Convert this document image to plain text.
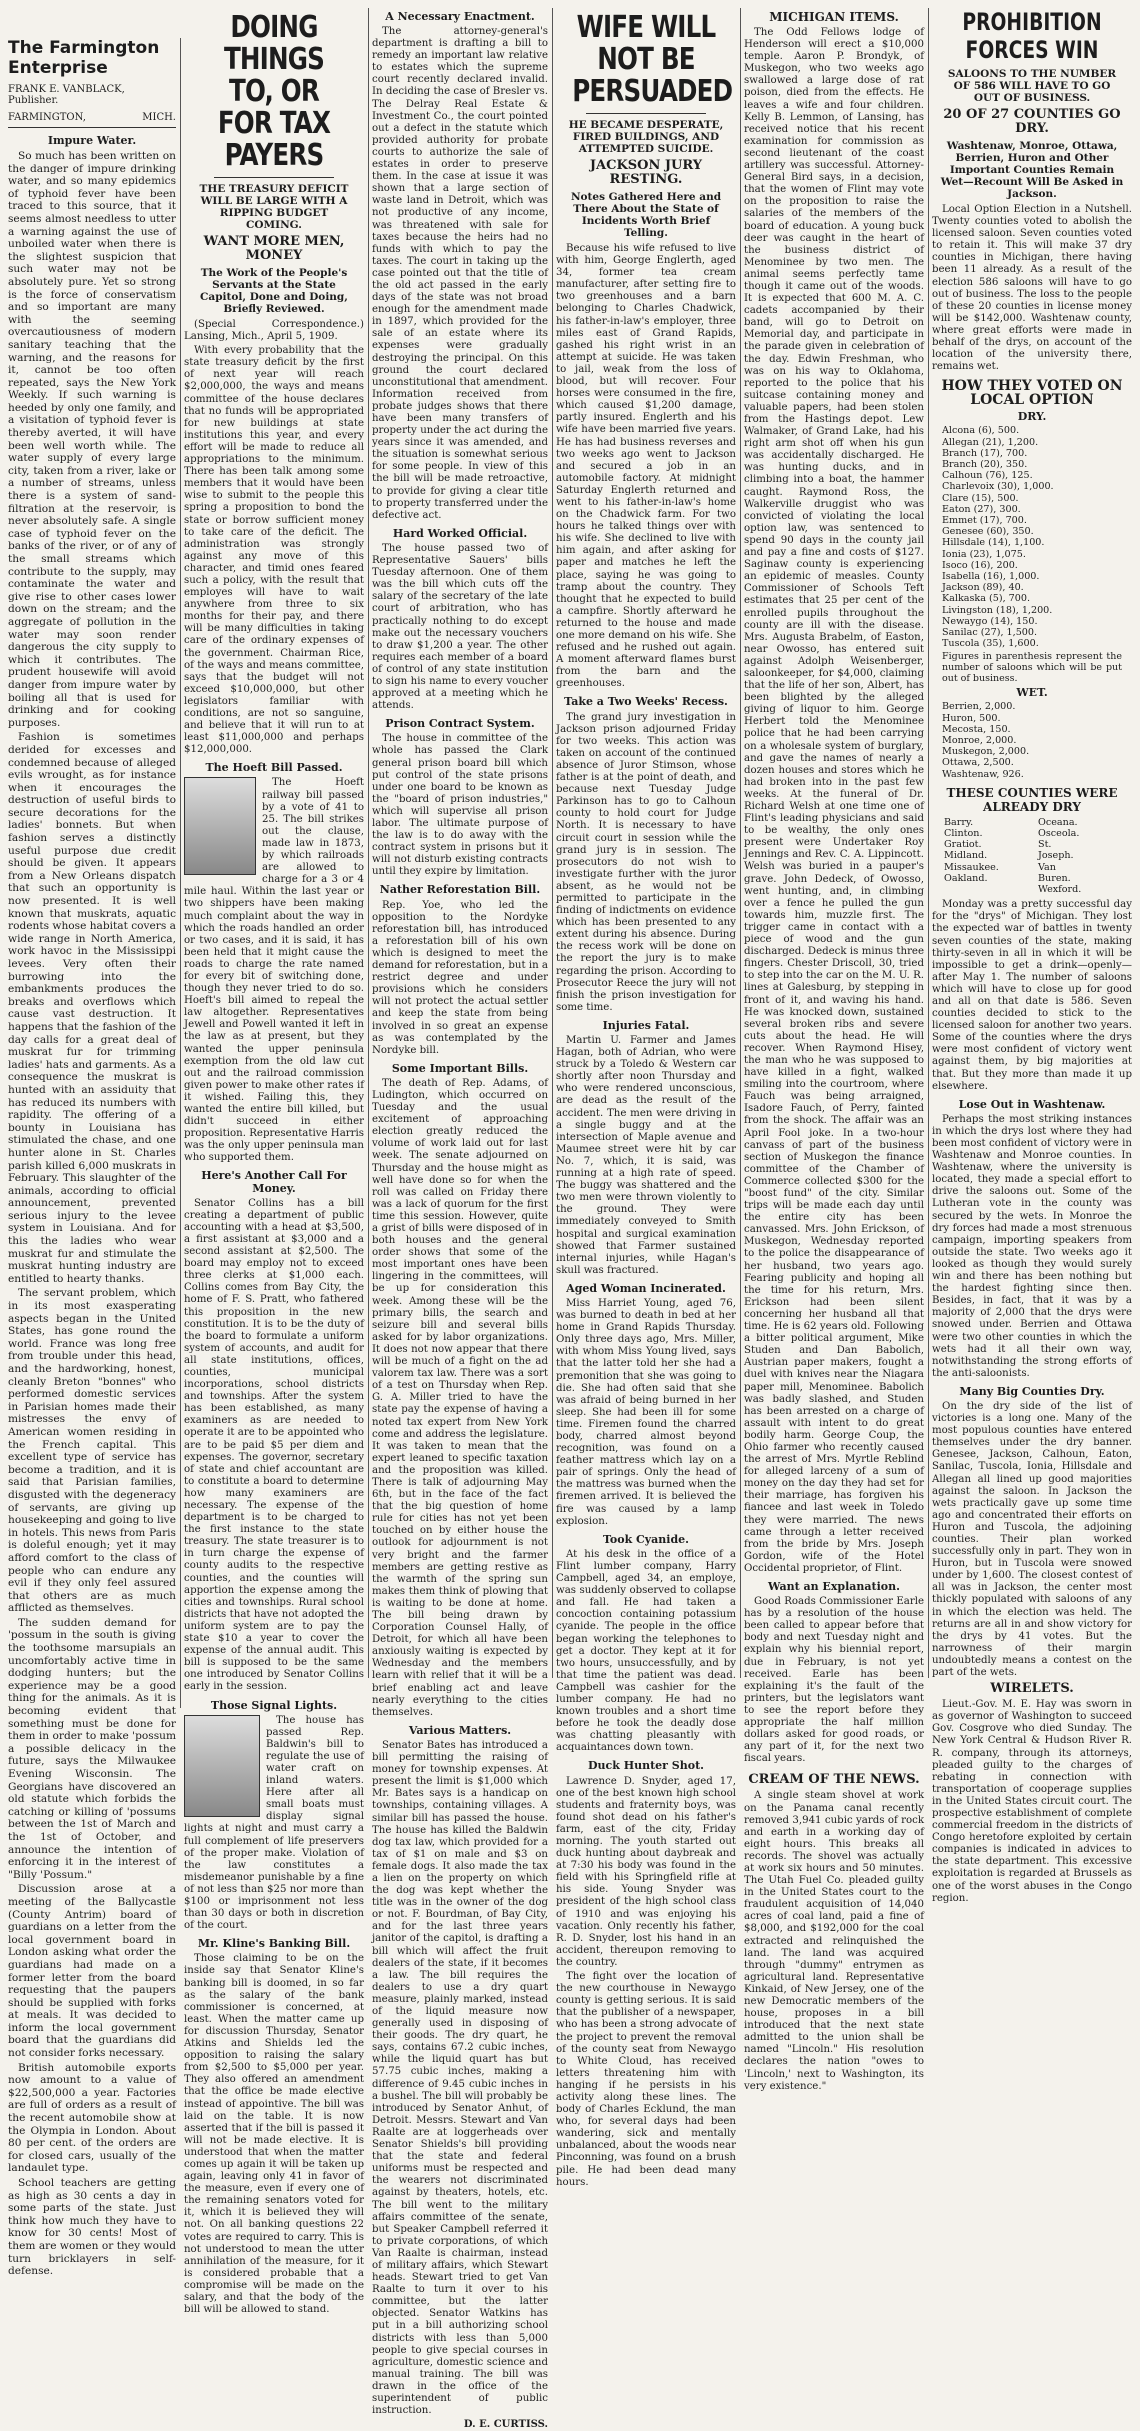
The Farmington Enterprise
FRANK E. VANBLACK, Publisher.
FARMINGTON,	MICH.
Impure Water.

So much has been written on the danger of impure drinking water, and so many epidemics of typhoid fever have been traced to this source, that it seems almost needless to utter a warning against the use of unboiled water when there is the slightest suspicion that such water may not be absolutely pure. Yet so strong is the force of conservatism and so important are many with the seeming overcautiousness of modern sanitary teaching that the warning, and the reasons for it, cannot be too often repeated, says the New York Weekly. If such warning is heeded by only one family, and a visitation of typhoid fever is thereby averted, it will have been well worth while. The water supply of every large city, taken from a river, lake or a number of streams, unless there is a system of sand-filtration at the reservoir, is never absolutely safe. A single case of typhoid fever on the banks of the river, or of any of the small streams which contribute to the supply, may contaminate the water and give rise to other cases lower down on the stream; and the aggregate of pollution in the water may soon render dangerous the city supply to which it contributes. The prudent housewife will avoid danger from impure water by boiling all that is used for drinking and for cooking purposes.

Fashion is sometimes derided for excesses and condemned because of alleged evils wrought, as for instance when it encourages the destruction of useful birds to secure decorations for the ladies' bonnets. But when fashion serves a distinctly useful purpose due credit should be given. It appears from a New Orleans dispatch that such an opportunity is now presented. It is well known that muskrats, aquatic rodents whose habitat covers a wide range in North America, work havoc in the Mississippi levees. Very often their burrowing into the embankments produces the breaks and overflows which cause vast destruction. It happens that the fashion of the day calls for a great deal of muskrat fur for trimming ladies' hats and garments. As a consequence the muskrat is hunted with an assiduity that has reduced its numbers with rapidity. The offering of a bounty in Louisiana has stimulated the chase, and one hunter alone in St. Charles parish killed 6,000 muskrats in February. This slaughter of the animals, according to official announcement, prevented serious injury to the levee system in Louisiana. And for this the ladies who wear muskrat fur and stimulate the muskrat hunting industry are entitled to hearty thanks.

The servant problem, which in its most exasperating aspects began in the United States, has gone round the world. France was long free from trouble under this head, and the hardworking, honest, cleanly Breton "bonnes" who performed domestic services in Parisian homes made their mistresses the envy of American women residing in the French capital. This excellent type of service has become a tradition, and it is said that Parisian families, disgusted with the degeneracy of servants, are giving up housekeeping and going to live in hotels. This news from Paris is doleful enough; yet it may afford comfort to the class of people who can endure any evil if they only feel assured that others are as much afflicted as themselves.

The sudden demand for 'possum in the south is giving the toothsome marsupials an uncomfortably active time in dodging hunters; but the experience may be a good thing for the animals. As it is becoming evident that something must be done for them in order to make 'possum a possible delicacy in the future, says the Milwaukee Evening Wisconsin. The Georgians have discovered an old statute which forbids the catching or killing of 'possums between the 1st of March and the 1st of October, and announce the intention of enforcing it in the interest of "Billy 'Possum."

Discussion arose at a meeting of the Ballycastle (County Antrim) board of guardians on a letter from the local government board in London asking what order the guardians had made on a former letter from the board requesting that the paupers should be supplied with forks at meals. It was decided to inform the local government board that the guardians did not consider forks necessary.

British automobile exports now amount to a value of $22,500,000 a year. Factories are full of orders as a result of the recent automobile show at the Olympia in London. About 80 per cent. of the orders are for closed cars, usually of the landaulet type.

School teachers are getting as high as 30 cents a day in some parts of the state. Just think how much they have to know for 30 cents! Most of them are women or they would turn bricklayers in self-defense.

DOING THINGS TO, OR FOR TAX PAYERS
THE TREASURY DEFICIT WILL BE LARGE WITH A RIPPING BUDGET COMING.
WANT MORE MEN, MONEY
The Work of the People's Servants at the State Capitol, Done and Doing, Briefly Reviewed.

(Special Correspondence.) Lansing, Mich., April 5, 1909.

With every probability that the state treasury deficit by the first of next year will reach $2,000,000, the ways and means committee of the house declares that no funds will be appropriated for new buildings at state institutions this year, and every effort will be made to reduce all appropriations to the minimum. There has been talk among some members that it would have been wise to submit to the people this spring a proposition to bond the state or borrow sufficient money to take care of the deficit. The administration was strongly against any move of this character, and timid ones feared such a policy, with the result that employes will have to wait anywhere from three to six months for their pay, and there will be many difficulties in taking care of the ordinary expenses of the government. Chairman Rice, of the ways and means committee, says that the budget will not exceed $10,000,000, but other legislators familiar with conditions, are not so sanguine, and believe that it will run to at least $11,000,000 and perhaps $12,000,000.

The Hoeft Bill Passed.

The Hoeft railway bill passed by a vote of 41 to 25. The bill strikes out the clause, made law in 1873, by which railroads are allowed to charge for a 3 or 4 mile haul. Within the last year or two shippers have been making much complaint about the way in which the roads handled an order or two cases, and it is said, it has been held that it might cause the roads to charge the rate named for every bit of switching done, though they never tried to do so. Hoeft's bill aimed to repeal the law altogether. Representatives Jewell and Powell wanted it left in the law as at present, but they wanted the upper peninsula exemption from the old law cut out and the railroad commission given power to make other rates if it wished. Failing this, they wanted the entire bill killed, but didn't succeed in either proposition. Representative Harris was the only upper peninsula man who supported them.

Here's Another Call For Money.

Senator Collins has a bill creating a department of public accounting with a head at $3,500, a first assistant at $3,000 and a second assistant at $2,500. The board may employ not to exceed three clerks at $1,000 each. Collins comes from Bay City, the home of F. S. Pratt, who fathered this proposition in the new constitution. It is to be the duty of the board to formulate a uniform system of accounts, and audit for all state institutions, offices, counties, municipal incorporations, school districts and townships. After the system has been established, as many examiners as are needed to operate it are to be appointed who are to be paid $5 per diem and expenses. The governor, secretary of state and chief accountant are to constitute a board to determine how many examiners are necessary. The expense of the department is to be charged to the first instance to the state treasury. The state treasurer is to in turn charge the expense of county audits to the respective counties, and the counties will apportion the expense among the cities and townships. Rural school districts that have not adopted the uniform system are to pay the state $10 a year to cover the expense of the annual audit. This bill is supposed to be the same one introduced by Senator Collins early in the session.

Those Signal Lights.

The house has passed Rep. Baldwin's bill to regulate the use of water craft on inland waters. Here after all small boats must display signal lights at night and must carry a full complement of life preservers of the proper make. Violation of the law constitutes a misdemeanor punishable by a fine of not less than $25 nor more than $100 or imprisonment not less than 30 days or both in discretion of the court.

Mr. Kline's Banking Bill.

Those claiming to be on the inside say that Senator Kline's banking bill is doomed, in so far as the salary of the bank commissioner is concerned, at least. When the matter came up for discussion Thursday, Senator Atkins and Shields led the opposition to raising the salary from $2,500 to $5,000 per year. They also offered an amendment that the office be made elective instead of appointive. The bill was laid on the table. It is now asserted that if the bill is passed it will not be made elective. It is understood that when the matter comes up again it will be taken up again, leaving only 41 in favor of the measure, even if every one of the remaining senators voted for it, which it is believed they will not. On all banking questions 22 votes are required to carry. This is not understood to mean the utter annihilation of the measure, for it is considered probable that a compromise will be made on the salary, and that the body of the bill will be allowed to stand.

A Necessary Enactment.

The attorney-general's department is drafting a bill to remedy an important law relative to estates which the supreme court recently declared invalid. In deciding the case of Bresler vs. The Delray Real Estate & Investment Co., the court pointed out a defect in the statute which provided authority for probate courts to authorize the sale of estates in order to preserve them. In the case at issue it was shown that a large section of waste land in Detroit, which was not productive of any income, was threatened with sale for taxes because the heirs had no funds with which to pay the taxes. The court in taking up the case pointed out that the title of the old act passed in the early days of the state was not broad enough for the amendment made in 1897, which provided for the sale of an estate where its expenses were gradually destroying the principal. On this ground the court declared unconstitutional that amendment. Information received from probate judges shows that there have been many transfers of property under the act during the years since it was amended, and the situation is somewhat serious for some people. In view of this the bill will be made retroactive, to provide for giving a clear title to property transferred under the defective act.

Hard Worked Official.

The house passed two of Representative Sauers' bills Tuesday afternoon. One of them was the bill which cuts off the salary of the secretary of the late court of arbitration, who has practically nothing to do except make out the necessary vouchers to draw $1,200 a year. The other requires each member of a board of control of any state institution to sign his name to every voucher approved at a meeting which he attends.

Prison Contract System.

The house in committee of the whole has passed the Clark general prison board bill which put control of the state prisons under one board to be known as the "board of prison industries," which will supervise all prison labor. The ultimate purpose of the law is to do away with the contract system in prisons but it will not disturb existing contracts until they expire by limitation.

Nather Reforestation Bill.

Rep. Yoe, who led the opposition to the Nordyke reforestation bill, has introduced a reforestation bill of his own which is designed to meet the demand for reforestation, but in a restrict degree and under provisions which he considers will not protect the actual settler and keep the state from being involved in so great an expense as was contemplated by the Nordyke bill.

Some Important Bills.

The death of Rep. Adams, of Ludington, which occurred on Tuesday and the usual excitement of approaching election greatly reduced the volume of work laid out for last week. The senate adjourned on Thursday and the house might as well have done so for when the roll was called on Friday there was a lack of quorum for the first time this session. However, quite a grist of bills were disposed of in both houses and the general order shows that some of the most important ones have been lingering in the committees, will be up for consideration this week. Among these will be the primary bills, the search and seizure bill and several bills asked for by labor organizations. It does not now appear that there will be much of a fight on the ad valorem tax law. There was a sort of a test on Thursday when Rep. G. A. Miller tried to have the state pay the expense of having a noted tax expert from New York come and address the legislature. It was taken to mean that the expert leaned to specific taxation and the proposition was killed. There is talk of adjourning May 6th, but in the face of the fact that the big question of home rule for cities has not yet been touched on by either house the outlook for adjournment is not very bright and the farmer members are getting restive as the warmth of the spring sun makes them think of plowing that is waiting to be done at home. The bill being drawn by Corporation Counsel Hally, of Detroit, for which all have been anxiously waiting is expected by Wednesday and the members learn with relief that it will be a brief enabling act and leave nearly everything to the cities themselves.

Various Matters.

Senator Bates has introduced a bill permitting the raising of money for township expenses. At present the limit is $1,000 which Mr. Bates says is a handicap on townships, containing villages. A similar bill has passed the house. The house has killed the Baldwin dog tax law, which provided for a tax of $1 on male and $3 on female dogs. It also made the tax a lien on the property on which the dog was kept whether the title was in the owner of the dog or not. F. Bourdman, of Bay City, and for the last three years janitor of the capitol, is drafting a bill which will affect the fruit dealers of the state, if it becomes a law. The bill requires the dealers to use a dry quart measure, plainly marked, instead of the liquid measure now generally used in disposing of their goods. The dry quart, he says, contains 67.2 cubic inches, while the liquid quart has but 57.75 cubic inches, making a difference of 9.45 cubic inches in a bushel. The bill will probably be introduced by Senator Anhut, of Detroit. Messrs. Stewart and Van Raalte are at loggerheads over Senator Shields's bill providing that the state and federal uniforms must be respected and the wearers not discriminated against by theaters, hotels, etc. The bill went to the military affairs committee of the senate, but Speaker Campbell referred it to private corporations, of which Van Raalte is chairman, instead of military affairs, which Stewart heads. Stewart tried to get Van Raalte to turn it over to his committee, but the latter objected. Senator Watkins has put in a bill authorizing school districts with less than 5,000 people to give special courses in agriculture, domestic science and manual training. The bill was drawn in the office of the superintendent of public instruction.

D. E. CURTISS.
WIFE WILL NOT BE PERSUADED
HE BECAME DESPERATE, FIRED BUILDINGS, AND ATTEMPTED SUICIDE.
JACKSON JURY RESTING.
Notes Gathered Here and There About the State of Incidents Worth Brief Telling.

Because his wife refused to live with him, George Englerth, aged 34, former tea cream manufacturer, after setting fire to two greenhouses and a barn belonging to Charles Chadwick, his father-in-law's employer, three miles east of Grand Rapids, gashed his right wrist in an attempt at suicide. He was taken to jail, weak from the loss of blood, but will recover. Four horses were consumed in the fire, which caused $1,200 damage, partly insured. Englerth and his wife have been married five years. He has had business reverses and two weeks ago went to Jackson and secured a job in an automobile factory. At midnight Saturday Englerth returned and went to his father-in-law's home on the Chadwick farm. For two hours he talked things over with his wife. She declined to live with him again, and after asking for paper and matches he left the place, saying he was going to tramp about the country. They thought that he expected to build a campfire. Shortly afterward he returned to the house and made one more demand on his wife. She refused and he rushed out again. A moment afterward flames burst from the barn and the greenhouses.

Take a Two Weeks' Recess.

The grand jury investigation in Jackson prison adjourned Friday for two weeks. This action was taken on account of the continued absence of Juror Stimson, whose father is at the point of death, and because next Tuesday Judge Parkinson has to go to Calhoun county to hold court for Judge North. It is necessary to have circuit court in session while the grand jury is in session. The prosecutors do not wish to investigate further with the juror absent, as he would not be permitted to participate in the finding of indictments on evidence which has been presented to any extent during his absence. During the recess work will be done on the report the jury is to make regarding the prison. According to Prosecutor Reece the jury will not finish the prison investigation for some time.

Injuries Fatal.

Martin U. Farmer and James Hagan, both of Adrian, who were struck by a Toledo & Western car shortly after noon Thursday and who were rendered unconscious, are dead as the result of the accident. The men were driving in a single buggy and at the intersection of Maple avenue and Maumee street were hit by car No. 7, which, it is said, was running at a high rate of speed. The buggy was shattered and the two men were thrown violently to the ground. They were immediately conveyed to Smith hospital and surgical examination showed that Farmer sustained internal injuries, while Hagan's skull was fractured.

Aged Woman Incinerated.

Miss Harriet Young, aged 76, was burned to death in bed at her home in Grand Rapids Thursday. Only three days ago, Mrs. Miller, with whom Miss Young lived, says that the latter told her she had a premonition that she was going to die. She had often said that she was afraid of being burned in her sleep. She had been ill for some time. Firemen found the charred body, charred almost beyond recognition, was found on a feather mattress which lay on a pair of springs. Only the head of the mattress was burned when the firemen arrived. It is believed the fire was caused by a lamp explosion.

Took Cyanide.

At his desk in the office of a Flint lumber company, Harry Campbell, aged 34, an employe, was suddenly observed to collapse and fall. He had taken a concoction containing potassium cyanide. The people in the office began working the telephones to get a doctor. They kept at it for two hours, unsuccessfully, and by that time the patient was dead. Campbell was cashier for the lumber company. He had no known troubles and a short time before he took the deadly dose was chatting pleasantly with acquaintances down town.

Duck Hunter Shot.

Lawrence D. Snyder, aged 17, one of the best known high school students and fraternity boys, was found shot dead on his father's farm, east of the city, Friday morning. The youth started out duck hunting about daybreak and at 7:30 his body was found in the field with his Springfield rifle at his side. Young Snyder was president of the high school class of 1910 and was enjoying his vacation. Only recently his father, R. D. Snyder, lost his hand in an accident, thereupon removing to the country.

The fight over the location of the new courthouse in Newaygo county is getting serious. It is said that the publisher of a newspaper, who has been a strong advocate of the project to prevent the removal of the county seat from Newaygo to White Cloud, has received letters threatening him with hanging if he persists in his activity along these lines. The body of Charles Ecklund, the man who, for several days had been wandering, sick and mentally unbalanced, about the woods near Pinconning, was found on a brush pile. He had been dead many hours.

MICHIGAN ITEMS.

The Odd Fellows lodge of Henderson will erect a $10,000 temple. Aaron P. Brondyk, of Muskegon, who two weeks ago swallowed a large dose of rat poison, died from the effects. He leaves a wife and four children. Kelly B. Lemmon, of Lansing, has received notice that his recent examination for commission as second lieutenant of the coast artillery was successful. Attorney-General Bird says, in a decision, that the women of Flint may vote on the proposition to raise the salaries of the members of the board of education. A young buck deer was caught in the heart of the business district of Menominee by two men. The animal seems perfectly tame though it came out of the woods. It is expected that 600 M. A. C. cadets accompanied by their band, will go to Detroit on Memorial day, and participate in the parade given in celebration of the day. Edwin Freshman, who was on his way to Oklahoma, reported to the police that his suitcase containing money and valuable papers, had been stolen from the Hastings depot. Lew Walmaker, of Grand Lake, had his right arm shot off when his gun was accidentally discharged. He was hunting ducks, and in climbing into a boat, the hammer caught. Raymond Ross, the Walkerville druggist who was convicted of violating the local option law, was sentenced to spend 90 days in the county jail and pay a fine and costs of $127. Saginaw county is experiencing an epidemic of measles. County Commissioner of Schools Teft estimates that 25 per cent of the enrolled pupils throughout the county are ill with the disease. Mrs. Augusta Brabelm, of Easton, near Owosso, has entered suit against Adolph Weisenberger, saloonkeeper, for $4,000, claiming that the life of her son, Albert, has been blighted by the alleged giving of liquor to him. George Herbert told the Menominee police that he had been carrying on a wholesale system of burglary, and gave the names of nearly a dozen houses and stores which he had broken into in the past few weeks. At the funeral of Dr. Richard Welsh at one time one of Flint's leading physicians and said to be wealthy, the only ones present were Undertaker Roy Jennings and Rev. C. A. Lippincott. Welsh was buried in a pauper's grave. John Dedeck, of Owosso, went hunting, and, in climbing over a fence he pulled the gun towards him, muzzle first. The trigger came in contact with a piece of wood and the gun discharged. Dedeck is minus three fingers. Chester Driscoll, 30, tried to step into the car on the M. U. R. lines at Galesburg, by stepping in front of it, and waving his hand. He was knocked down, sustained several broken ribs and severe cuts about the head. He will recover. When Raymond Hisey, the man who he was supposed to have killed in a fight, walked smiling into the courtroom, where Fauch was being arraigned, Isadore Fauch, of Perry, fainted from the shock. The affair was an April Fool joke. In a two-hour canvass of part of the business section of Muskegon the finance committee of the Chamber of Commerce collected $300 for the "boost fund" of the city. Similar trips will be made each day until the entire city has been canvassed. Mrs. John Erickson, of Muskegon, Wednesday reported to the police the disappearance of her husband, two years ago. Fearing publicity and hoping all the time for his return, Mrs. Erickson had been silent concerning her husband all that time. He is 62 years old. Following a bitter political argument, Mike Studen and Dan Babolich, Austrian paper makers, fought a duel with knives near the Niagara paper mill, Menominee. Babolich was badly slashed, and Studen has been arrested on a charge of assault with intent to do great bodily harm. George Coup, the Ohio farmer who recently caused the arrest of Mrs. Myrtle Reblind for alleged larceny of a sum of money on the day they had set for their marriage, has forgiven his fiancee and last week in Toledo they were married. The news came through a letter received from the bride by Mrs. Joseph Gordon, wife of the Hotel Occidental proprietor, of Flint.

Want an Explanation.

Good Roads Commissioner Earle has by a resolution of the house been called to appear before that body and next Tuesday night and explain why his biennial report, due in February, is not yet received. Earle has been explaining it's the fault of the printers, but the legislators want to see the report before they appropriate the half million dollars asked for good roads, or any part of it, for the next two fiscal years.

CREAM OF THE NEWS.

A single steam shovel at work on the Panama canal recently removed 3,941 cubic yards of rock and earth in a working day of eight hours. This breaks all records. The shovel was actually at work six hours and 50 minutes. The Utah Fuel Co. pleaded guilty in the United States court to the fraudulent acquisition of 14,040 acres of coal land, paid a fine of $8,000, and $192,000 for the coal extracted and relinquished the land. The land was acquired through "dummy" entrymen as agricultural land. Representative Kinkaid, of New Jersey, one of the new Democratic members of the house, proposes in a bill introduced that the next state admitted to the union shall be named "Lincoln." His resolution declares the nation "owes to 'Lincoln,' next to Washington, its very existence."

PROHIBITION FORCES WIN
SALOONS TO THE NUMBER OF 586 WILL HAVE TO GO OUT OF BUSINESS.
20 OF 27 COUNTIES GO DRY.
Washtenaw, Monroe, Ottawa, Berrien, Huron and Other Important Counties Remain Wet—Recount Will Be Asked in Jackson.

Local Option Election in a Nutshell. Twenty counties voted to abolish the licensed saloon. Seven counties voted to retain it. This will make 37 dry counties in Michigan, there having been 11 already. As a result of the election 586 saloons will have to go out of business. The loss to the people of these 20 counties in license money will be $142,000. Washtenaw county, where great efforts were made in behalf of the drys, on account of the location of the university there, remains wet.

HOW THEY VOTED ON LOCAL OPTION
DRY.
Alcona (6), 500.
Allegan (21), 1,200.
Branch (17), 700.
Branch (20), 350.
Calhoun (76), 125.
Charlevoix (30), 1,000.
Clare (15), 500.
Eaton (27), 300.
Emmet (17), 700.
Genesee (60), 350.
Hillsdale (14), 1,100.
Ionia (23), 1,075.
Isoco (16), 200.
Isabella (16), 1,000.
Jackson (89), 40.
Kalkaska (5), 700.
Livingston (18), 1,200.
Newaygo (14), 150.
Sanilac (27), 1,500.
Tuscola (35), 1,600.
Figures in parenthesis represent the number of saloons which will be put out of business.
WET.
Berrien, 2,000.
Huron, 500.
Mecosta, 150.
Monroe, 2,000.
Muskegon, 2,000.
Ottawa, 2,500.
Washtenaw, 926.
THESE COUNTIES WERE ALREADY DRY
Barry.
Clinton.
Gratiot.
Midland.
Missaukee.
Oakland.
Oceana.
Osceola.
St. Joseph.
Van Buren.
Wexford.

Monday was a pretty successful day for the "drys" of Michigan. They lost the expected war of battles in twenty seven counties of the state, making thirty-seven in all in which it will be impossible to get a drink—openly—after May 1. The number of saloons which will have to close up for good and all on that date is 586. Seven counties decided to stick to the licensed saloon for another two years. Some of the counties where the drys were most confident of victory went against them, by big majorities at that. But they more than made it up elsewhere.

Lose Out in Washtenaw.

Perhaps the most striking instances in which the drys lost where they had been most confident of victory were in Washtenaw and Monroe counties. In Washtenaw, where the university is located, they made a special effort to drive the saloons out. Some of the Lutheran vote in the county was secured by the wets. In Monroe the dry forces had made a most strenuous campaign, importing speakers from outside the state. Two weeks ago it looked as though they would surely win and there has been nothing but the hardest fighting since then. Besides, in fact, that it was by a majority of 2,000 that the drys were snowed under. Berrien and Ottawa were two other counties in which the wets had it all their own way, notwithstanding the strong efforts of the anti-saloonists.

Many Big Counties Dry.

On the dry side of the list of victories is a long one. Many of the most populous counties have entered themselves under the dry banner. Genesee, Jackson, Calhoun, Eaton, Sanilac, Tuscola, Ionia, Hillsdale and Allegan all lined up good majorities against the saloon. In Jackson the wets practically gave up some time ago and concentrated their efforts on Huron and Tuscola, the adjoining counties. Their plan worked successfully only in part. They won in Huron, but in Tuscola were snowed under by 1,600. The closest contest of all was in Jackson, the center most thickly populated with saloons of any in which the election was held. The returns are all in and show victory for the drys by 41 votes. But the narrowness of their margin undoubtedly means a contest on the part of the wets.

WIRELETS.

Lieut.-Gov. M. E. Hay was sworn in as governor of Washington to succeed Gov. Cosgrove who died Sunday. The New York Central & Hudson River R. R. company, through its attorneys, pleaded guilty to the charges of rebating in connection with transportation of cooperage supplies in the United States circuit court. The prospective establishment of complete commercial freedom in the districts of Congo heretofore exploited by certain companies is indicated in advices to the state department. This excessive exploitation is regarded at Brussels as one of the worst abuses in the Congo region.
